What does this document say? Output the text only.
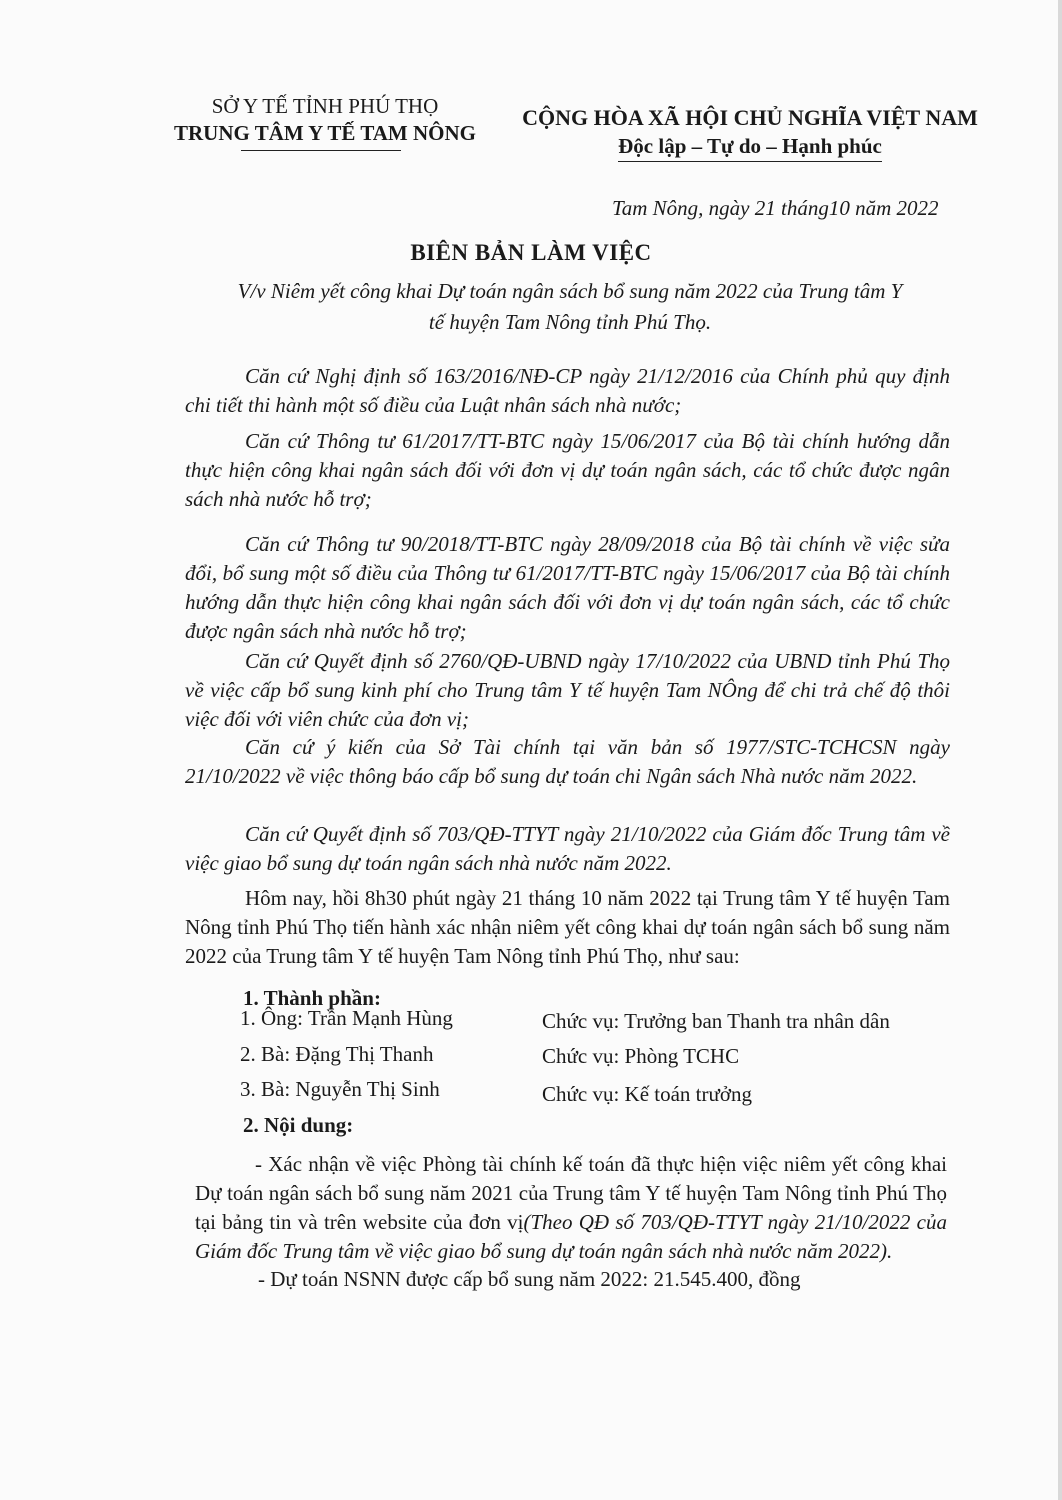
SỞ Y TẾ TỈNH PHÚ THỌ
TRUNG TÂM Y TẾ TAM NÔNG
CỘNG HÒA XÃ HỘI CHỦ NGHĨA VIỆT NAM
Độc lập – Tự do – Hạnh phúc
Tam Nông, ngày 21 tháng10 năm 2022
BIÊN BẢN LÀM VIỆC
V/v Niêm yết công khai Dự toán ngân sách bổ sung năm 2022 của Trung tâm Y
tế huyện Tam Nông tỉnh Phú Thọ.
Căn cứ Nghị định số 163/2016/NĐ-CP ngày 21/12/2016 của Chính phủ quy định chi tiết thi hành một số điều của Luật nhân sách nhà nước;
Căn cứ Thông tư 61/2017/TT-BTC ngày 15/06/2017 của Bộ tài chính hướng dẫn thực hiện công khai ngân sách đối với đơn vị dự toán ngân sách, các tổ chức được ngân sách nhà nước hỗ trợ;
Căn cứ Thông tư 90/2018/TT-BTC ngày 28/09/2018 của Bộ tài chính về việc sửa đổi, bổ sung một số điều của Thông tư 61/2017/TT-BTC ngày 15/06/2017 của Bộ tài chính hướng dẫn thực hiện công khai ngân sách đối với đơn vị dự toán ngân sách, các tổ chức được ngân sách nhà nước hỗ trợ;
Căn cứ Quyết định số 2760/QĐ-UBND ngày 17/10/2022 của UBND tỉnh Phú Thọ về việc cấp bổ sung kinh phí cho Trung tâm Y tế huyện Tam NÔng để chi trả chế độ thôi việc đối với viên chức của đơn vị;
Căn cứ ý kiến của Sở Tài chính tại văn bản số 1977/STC-TCHCSN ngày 21/10/2022 về việc thông báo cấp bổ sung dự toán chi Ngân sách Nhà nước năm 2022.
Căn cứ Quyết định số 703/QĐ-TTYT ngày 21/10/2022 của Giám đốc Trung tâm về việc giao bổ sung dự toán ngân sách nhà nước năm 2022.
Hôm nay, hồi 8h30 phút ngày 21 tháng 10 năm 2022 tại Trung tâm Y tế huyện Tam Nông tỉnh Phú Thọ tiến hành xác nhận niêm yết công khai dự toán ngân sách bổ sung năm 2022 của Trung tâm Y tế huyện Tam Nông tỉnh Phú Thọ, như sau:
1. Thành phần:
1. Ông: Trần Mạnh Hùng	Chức vụ: Trưởng ban Thanh tra nhân dân
2. Bà: Đặng Thị Thanh	Chức vụ: Phòng TCHC
3. Bà: Nguyễn Thị Sinh	Chức vụ: Kế toán trưởng
2. Nội dung:
- Xác nhận về việc Phòng tài chính kế toán đã thực hiện việc niêm yết công khai Dự toán ngân sách bổ sung năm 2021 của Trung tâm Y tế huyện Tam Nông tỉnh Phú Thọ tại bảng tin và trên website của đơn vị(Theo QĐ số 703/QĐ-TTYT ngày 21/10/2022 của Giám đốc Trung tâm về việc giao bổ sung dự toán ngân sách nhà nước năm 2022).
- Dự toán NSNN được cấp bổ sung năm 2022: 21.545.400, đồng
